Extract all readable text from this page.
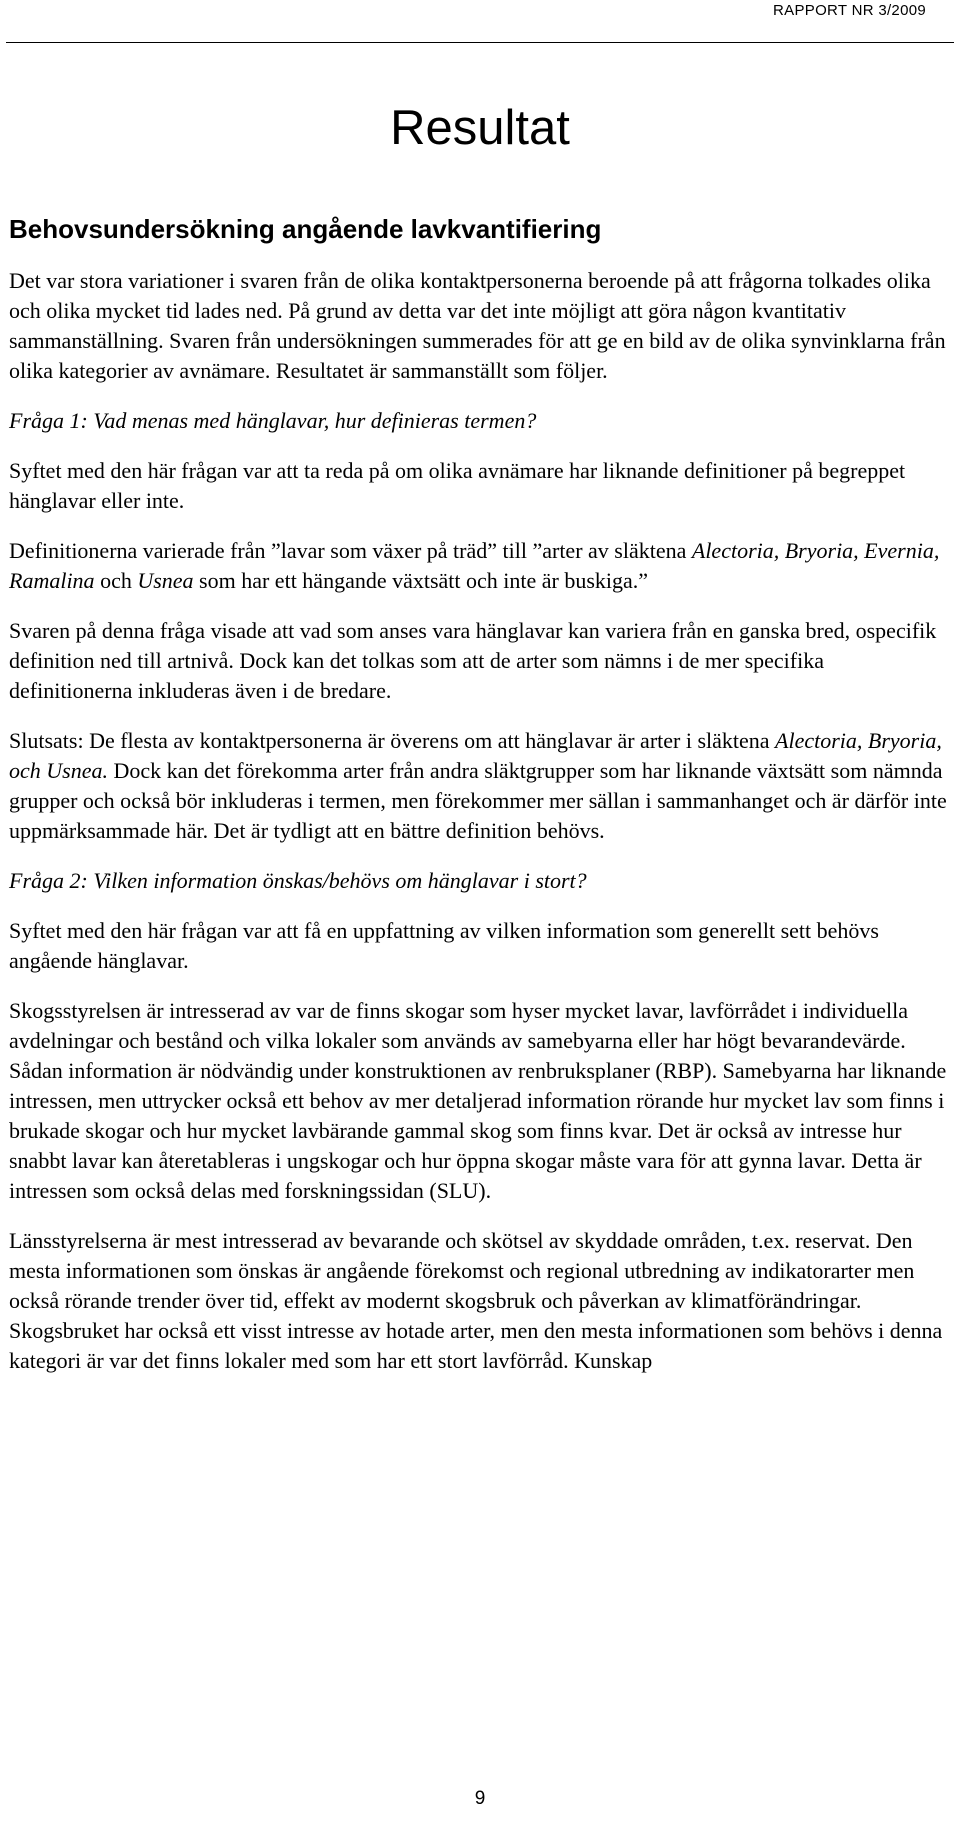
RAPPORT NR 3/2009
Resultat
Behovsundersökning angående lavkvantifiering

Det var stora variationer i svaren från de olika kontaktpersonerna beroende på att frågorna tolkades olika och olika mycket tid lades ned. På grund av detta var det inte möjligt att göra någon kvantitativ sammanställning. Svaren från undersökningen summerades för att ge en bild av de olika synvinklarna från olika kategorier av avnämare. Resultatet är sammanställt som följer.

Fråga 1: Vad menas med hänglavar, hur definieras termen?

Syftet med den här frågan var att ta reda på om olika avnämare har liknande definitioner på begreppet hänglavar eller inte.

Definitionerna varierade från ”lavar som växer på träd” till ”arter av släktena Alectoria, Bryoria, Evernia, Ramalina och Usnea som har ett hängande växtsätt och inte är buskiga.”

Svaren på denna fråga visade att vad som anses vara hänglavar kan variera från en ganska bred, ospecifik definition ned till artnivå. Dock kan det tolkas som att de arter som nämns i de mer specifika definitionerna inkluderas även i de bredare.

Slutsats: De flesta av kontaktpersonerna är överens om att hänglavar är arter i släktena Alectoria, Bryoria, och Usnea. Dock kan det förekomma arter från andra släktgrupper som har liknande växtsätt som nämnda grupper och också bör inkluderas i termen, men förekommer mer sällan i sammanhanget och är därför inte uppmärksammade här. Det är tydligt att en bättre definition behövs.

Fråga 2: Vilken information önskas/behövs om hänglavar i stort?

Syftet med den här frågan var att få en uppfattning av vilken information som generellt sett behövs angående hänglavar.

Skogsstyrelsen är intresserad av var de finns skogar som hyser mycket lavar, lavförrådet i individuella avdelningar och bestånd och vilka lokaler som används av samebyarna eller har högt bevarandevärde. Sådan information är nödvändig under konstruktionen av renbruksplaner (RBP). Samebyarna har liknande intressen, men uttrycker också ett behov av mer detaljerad information rörande hur mycket lav som finns i brukade skogar och hur mycket lavbärande gammal skog som finns kvar. Det är också av intresse hur snabbt lavar kan återetableras i ungskogar och hur öppna skogar måste vara för att gynna lavar. Detta är intressen som också delas med forskningssidan (SLU).

Länsstyrelserna är mest intresserad av bevarande och skötsel av skyddade områden, t.ex. reservat. Den mesta informationen som önskas är angående förekomst och regional utbredning av indikatorarter men också rörande trender över tid, effekt av modernt skogsbruk och påverkan av klimatförändringar. Skogsbruket har också ett visst intresse av hotade arter, men den mesta informationen som behövs i denna kategori är var det finns lokaler med som har ett stort lavförråd. Kunskap

9
